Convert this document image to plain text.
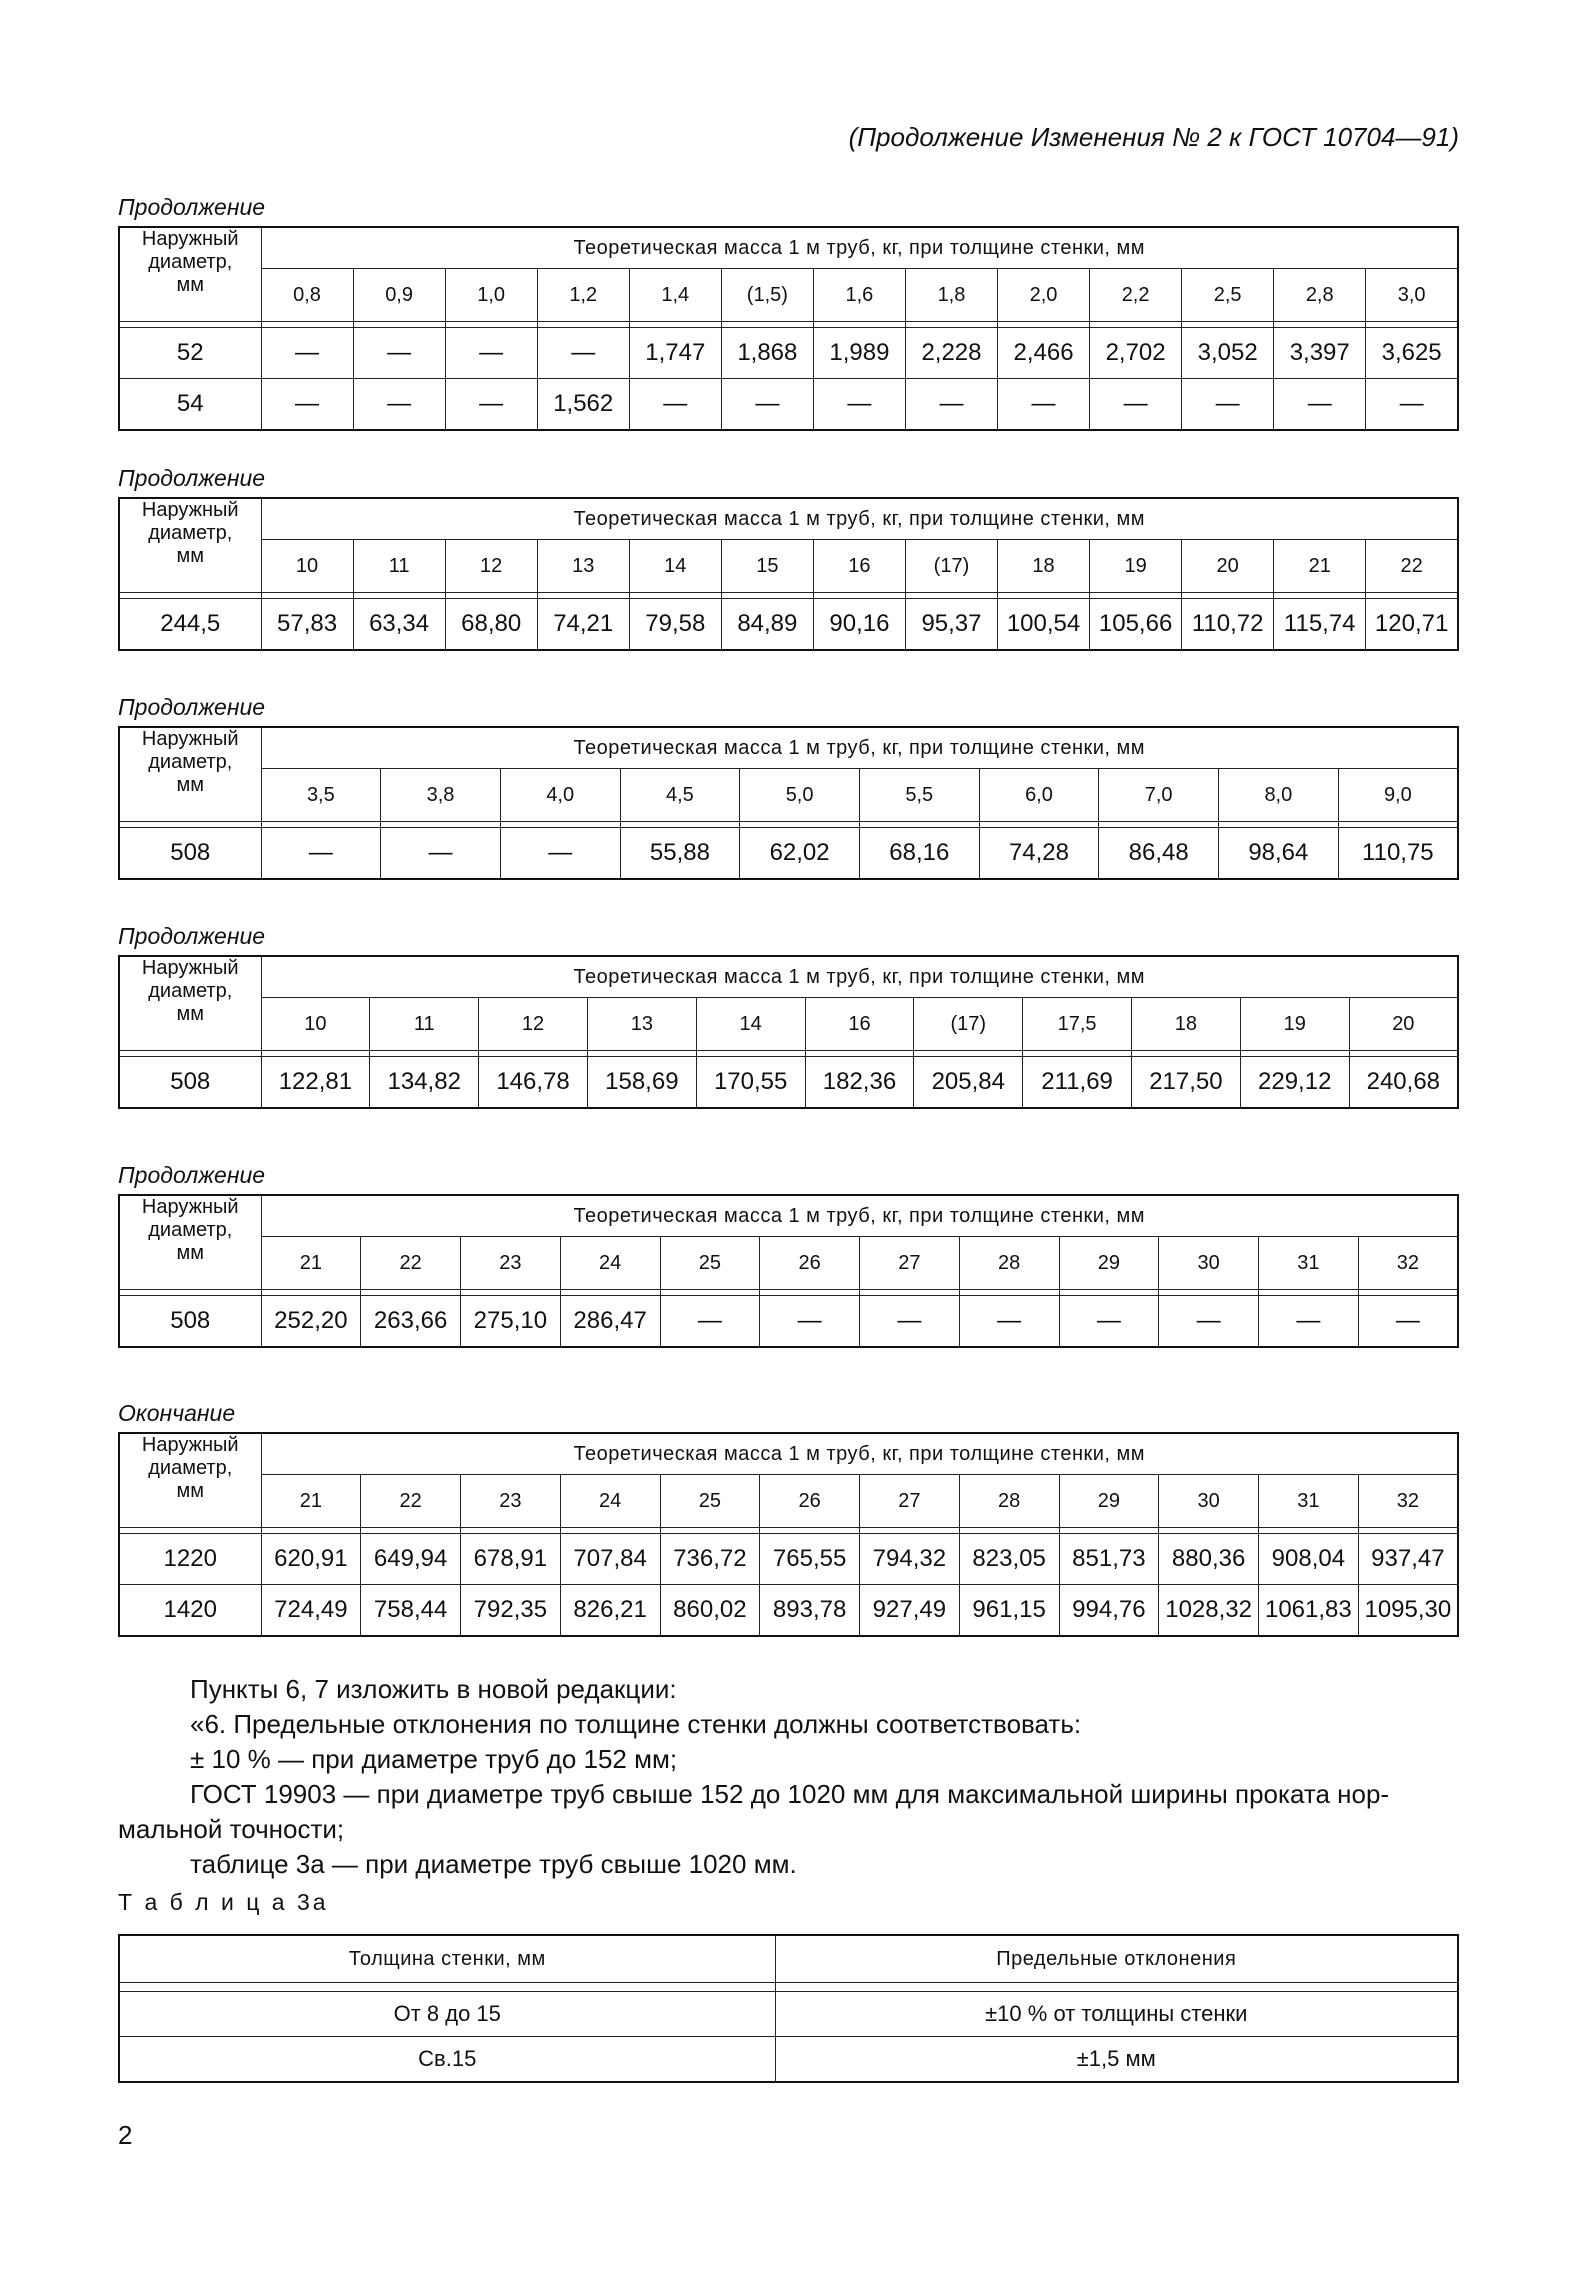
(Продолжение Изменения № 2 к ГОСТ 10704—91)
Продолжение
Наружный
диаметр,
мм	Теоретическая масса 1 м труб, кг, при толщине стенки, мм												
	0,8	0,9	1,0	1,2	1,4	(1,5)	1,6	1,8	2,0	2,2	2,5	2,8	3,0

52	—	—	—	—	1,747	1,868	1,989	2,228	2,466	2,702	3,052	3,397	3,625
54	—	—	—	1,562	—	—	—	—	—	—	—	—	—
Продолжение
Наружный
диаметр,
мм	Теоретическая масса 1 м труб, кг, при толщине стенки, мм												
	10	11	12	13	14	15	16	(17)	18	19	20	21	22

244,5	57,83	63,34	68,80	74,21	79,58	84,89	90,16	95,37	100,54	105,66	110,72	115,74	120,71
Продолжение
Наружный
диаметр,
мм	Теоретическая масса 1 м труб, кг, при толщине стенки, мм									
	3,5	3,8	4,0	4,5	5,0	5,5	6,0	7,0	8,0	9,0

508	—	—	—	55,88	62,02	68,16	74,28	86,48	98,64	110,75
Продолжение
Наружный
диаметр,
мм	Теоретическая масса 1 м труб, кг, при толщине стенки, мм										
	10	11	12	13	14	16	(17)	17,5	18	19	20

508	122,81	134,82	146,78	158,69	170,55	182,36	205,84	211,69	217,50	229,12	240,68
Продолжение
Наружный
диаметр,
мм	Теоретическая масса 1 м труб, кг, при толщине стенки, мм											
	21	22	23	24	25	26	27	28	29	30	31	32

508	252,20	263,66	275,10	286,47	—	—	—	—	—	—	—	—
Окончание
Наружный
диаметр,
мм	Теоретическая масса 1 м труб, кг, при толщине стенки, мм											
	21	22	23	24	25	26	27	28	29	30	31	32

1220	620,91	649,94	678,91	707,84	736,72	765,55	794,32	823,05	851,73	880,36	908,04	937,47
1420	724,49	758,44	792,35	826,21	860,02	893,78	927,49	961,15	994,76	1028,32	1061,83	1095,30
Пункты 6, 7 изложить в новой редакции:
«6. Предельные отклонения по толщине стенки должны соответствовать:
± 10 % — при диаметре труб до 152 мм;
ГОСТ 19903 — при диаметре труб свыше 152 до 1020 мм для максимальной ширины проката нор-
мальной точности;
таблице 3а — при диаметре труб свыше 1020 мм.
Т а б л и ц а 3а
Толщина стенки, мм	Предельные отклонения

От 8 до 15	±10 % от толщины стенки
Св.15	±1,5 мм
2
